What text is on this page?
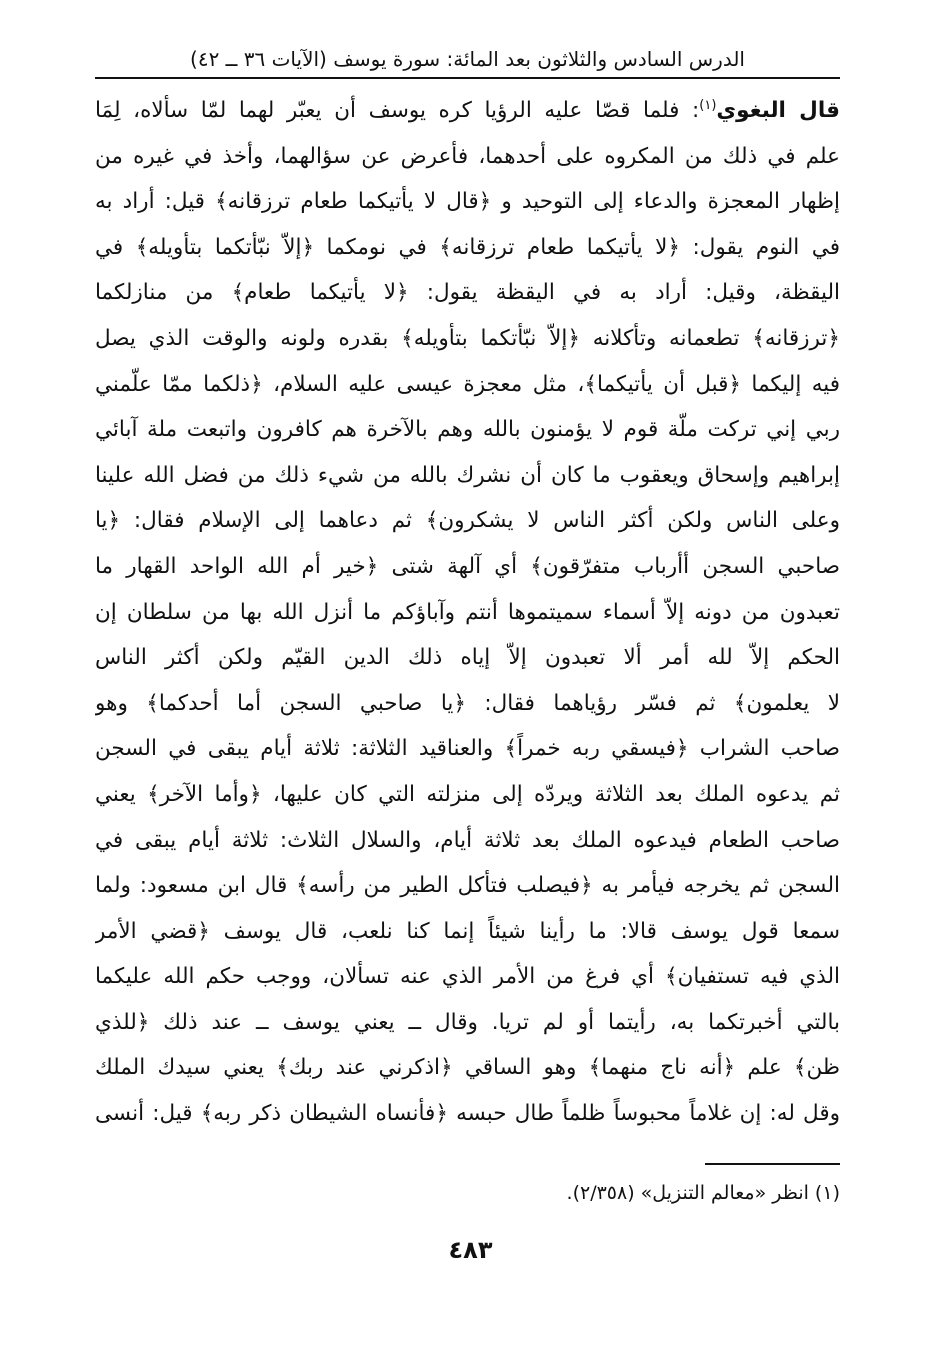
الدرس السادس والثلاثون بعد المائة: سورة يوسف (الآيات ٣٦ ــ ٤٢)
قال البغوي$^{(١)}$: فلما قصّا عليه الرؤيا كره يوسف أن يعبّر لهما لمّا سألاه، لِمَا
علم في ذلك من المكروه على أحدهما، فأعرض عن سؤالهما، وأخذ في غيره من
إظهار المعجزة والدعاء إلى التوحيد و ﴿قال لا يأتيكما طعام ترزقانه﴾ قيل: أراد به
في النوم يقول: ﴿لا يأتيكما طعام ترزقانه﴾ في نومكما ﴿إلاّ نبّأتكما بتأويله﴾ في
اليقظة، وقيل: أراد به في اليقظة يقول: ﴿لا يأتيكما طعام﴾ من منازلكما
﴿ترزقانه﴾ تطعمانه وتأكلانه ﴿إلاّ نبّأتكما بتأويله﴾ بقدره ولونه والوقت الذي يصل
فيه إليكما ﴿قبل أن يأتيكما﴾، مثل معجزة عيسى عليه السلام، ﴿ذلكما ممّا علّمني
ربي إني تركت ملّة قوم لا يؤمنون بالله وهم بالآخرة هم كافرون واتبعت ملة آبائي
إبراهيم وإسحاق ويعقوب ما كان أن نشرك بالله من شيء ذلك من فضل الله علينا
وعلى الناس ولكن أكثر الناس لا يشكرون﴾ ثم دعاهما إلى الإسلام فقال: ﴿يا
صاحبي السجن أأرباب متفرّقون﴾ أي آلهة شتى ﴿خير أم الله الواحد القهار ما
تعبدون من دونه إلاّ أسماء سميتموها أنتم وآباؤكم ما أنزل الله بها من سلطان إن
الحكم إلاّ لله أمر ألا تعبدون إلاّ إياه ذلك الدين القيّم ولكن أكثر الناس
لا يعلمون﴾ ثم فسّر رؤياهما فقال: ﴿يا صاحبي السجن أما أحدكما﴾ وهو
صاحب الشراب ﴿فيسقي ربه خمراً﴾ والعناقيد الثلاثة: ثلاثة أيام يبقى في السجن
ثم يدعوه الملك بعد الثلاثة ويردّه إلى منزلته التي كان عليها، ﴿وأما الآخر﴾ يعني
صاحب الطعام فيدعوه الملك بعد ثلاثة أيام، والسلال الثلاث: ثلاثة أيام يبقى في
السجن ثم يخرجه فيأمر به ﴿فيصلب فتأكل الطير من رأسه﴾ قال ابن مسعود: ولما
سمعا قول يوسف قالا: ما رأينا شيئاً إنما كنا نلعب، قال يوسف ﴿قضي الأمر
الذي فيه تستفيان﴾ أي فرغ من الأمر الذي عنه تسألان، ووجب حكم الله عليكما
بالتي أخبرتكما به، رأيتما أو لم تريا. وقال ــ يعني يوسف ــ عند ذلك ﴿للذي
ظن﴾ علم ﴿أنه ناج منهما﴾ وهو الساقي ﴿اذكرني عند ربك﴾ يعني سيدك الملك
وقل له: إن غلاماً محبوساً ظلماً طال حبسه ﴿فأنساه الشيطان ذكر ربه﴾ قيل: أنسى
(١) انظر «معالم التنزيل» (٢/٣٥٨).
٤٨٣
